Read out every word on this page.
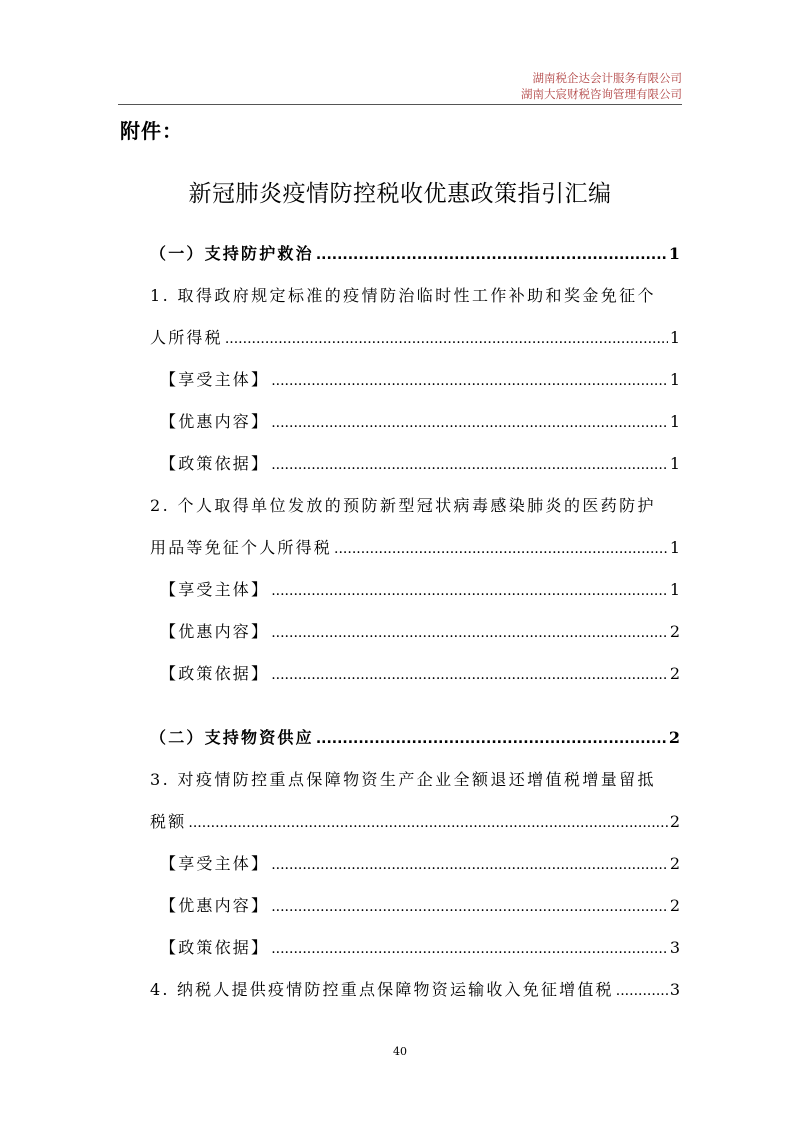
湖南税企达会计服务有限公司
湖南大宸财税咨询管理有限公司
附件：
新冠肺炎疫情防控税收优惠政策指引汇编
（一）支持防护救治 .....	1
1. 取得政府规定标准的疫情防治临时性工作补助和奖金免征个
人所得税 .....	1
【享受主体】 .....	1
【优惠内容】 .....	1
【政策依据】 .....	1
2. 个人取得单位发放的预防新型冠状病毒感染肺炎的医药防护
用品等免征个人所得税 .....	1
【享受主体】 .....	1
【优惠内容】 .....	2
【政策依据】 .....	2
（二）支持物资供应 .....	2
3. 对疫情防控重点保障物资生产企业全额退还增值税增量留抵
税额 .....	2
【享受主体】 .....	2
【优惠内容】 .....	2
【政策依据】 .....	3
4. 纳税人提供疫情防控重点保障物资运输收入免征增值税 .....	3
40
